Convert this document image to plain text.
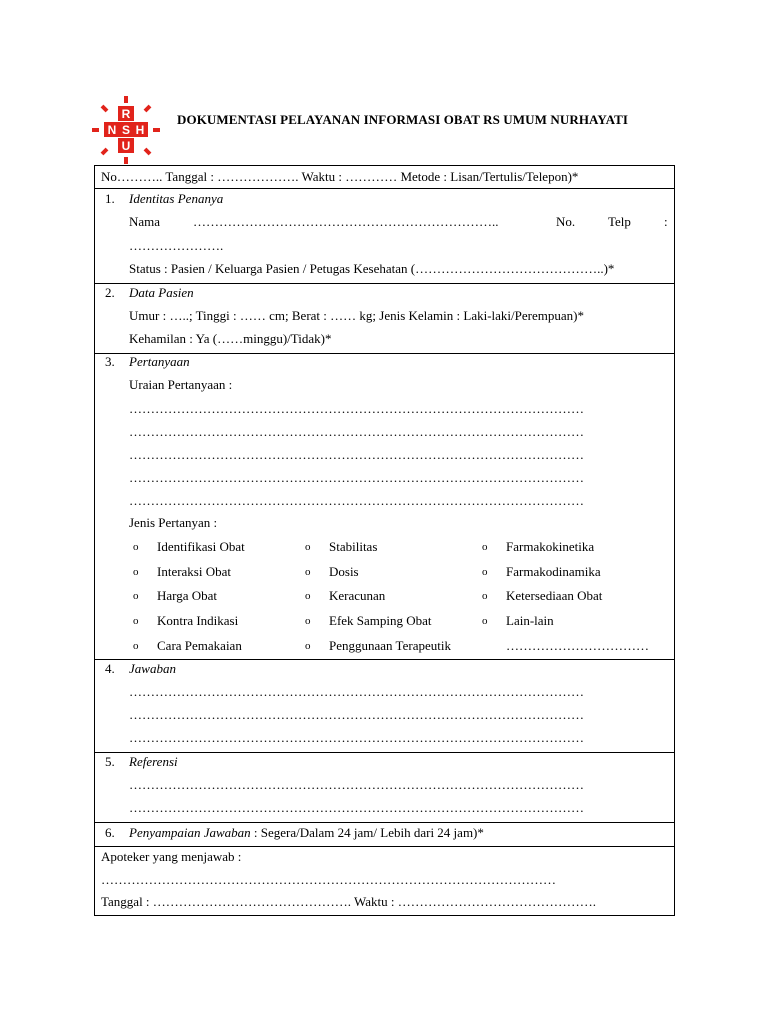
R
N S H
U
DOKUMENTASI PELAYANAN INFORMASI OBAT RS UMUM NURHAYATI
No……….. Tanggal : ………………. Waktu : ………… Metode : Lisan/Tertulis/Telepon)*
1. Identitas Penanya
Nama	……………………………………………………………..	No.	Telp	:
………………….
Status : Pasien / Keluarga Pasien / Petugas Kesehatan (……………………………………..)*
2. Data Pasien
Umur : …..; Tinggi : …… cm; Berat : …… kg; Jenis Kelamin : Laki-laki/Perempuan)*
Kehamilan : Ya (……minggu)/Tidak)*
3. Pertanyaan
Uraian Pertanyaan :
……………………………………………………………………………………………
……………………………………………………………………………………………
……………………………………………………………………………………………
……………………………………………………………………………………………
……………………………………………………………………………………………
Jenis Pertanyan :
o Identifikasi Obat	o Stabilitas	o Farmakokinetika
o Interaksi Obat	o Dosis	o Farmakodinamika
o Harga Obat	o Keracunan	o Ketersediaan Obat
o Kontra Indikasi	o Efek Samping Obat	o Lain-lain
o Cara Pemakaian	o Penggunaan Terapeutik	……………………………
4. Jawaban
……………………………………………………………………………………………
……………………………………………………………………………………………
……………………………………………………………………………………………
5. Referensi
……………………………………………………………………………………………
……………………………………………………………………………………………
6. Penyampaian Jawaban : Segera/Dalam 24 jam/ Lebih dari 24 jam)*
Apoteker yang menjawab :
……………………………………………………………………………………………
Tanggal : ………………………………………. Waktu : ……………………………………….
